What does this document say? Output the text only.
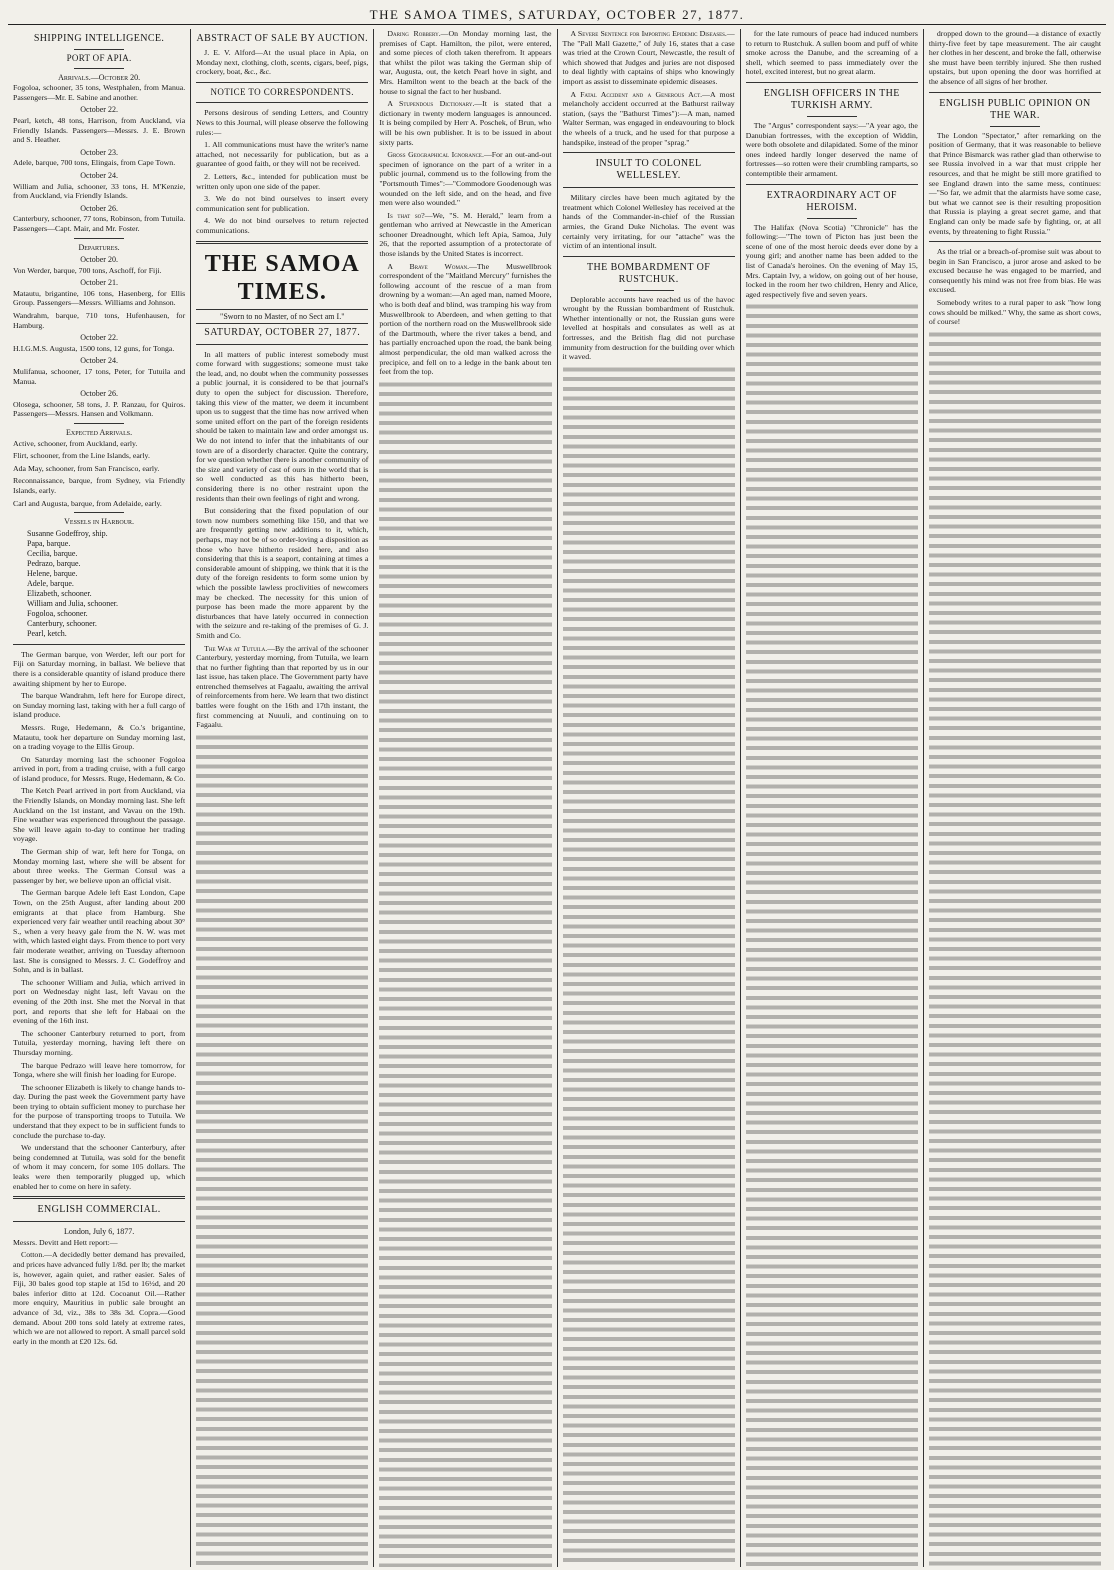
THE SAMOA TIMES, SATURDAY, OCTOBER 27, 1877.
SHIPPING INTELLIGENCE.
PORT OF APIA.
Arrivals.—October 20.
Fogoloa, schooner, 35 tons, Westphalen, from Manua. Passengers—Mr. E. Sabine and another.
October 22.
Pearl, ketch, 48 tons, Harrison, from Auckland, via Friendly Islands. Passengers—Messrs. J. E. Brown and S. Heather.
October 23.
Adele, barque, 700 tons, Elingais, from Cape Town.
October 24.
William and Julia, schooner, 33 tons, H. M'Kenzie, from Auckland, via Friendly Islands.
October 26.
Canterbury, schooner, 77 tons, Robinson, from Tutuila. Passengers—Capt. Mair, and Mr. Foster.
Departures.
October 20.
Von Werder, barque, 700 tons, Aschoff, for Fiji.
October 21.
Matautu, brigantine, 106 tons, Hasenberg, for Ellis Group. Passengers—Messrs. Williams and Johnson.
Wandrahm, barque, 710 tons, Hufenhausen, for Hamburg.
October 22.
H.I.G.M.S. Augusta, 1500 tons, 12 guns, for Tonga.
October 24.
Mulifanua, schooner, 17 tons, Peter, for Tutuila and Manua.
October 26.
Olosega, schooner, 58 tons, J. P. Ranzau, for Quiros. Passengers—Messrs. Hansen and Volkmann.
Expected Arrivals.
Active, schooner, from Auckland, early.
Flirt, schooner, from the Line Islands, early.
Ada May, schooner, from San Francisco, early.
Reconnaissance, barque, from Sydney, via Friendly Islands, early.
Carl and Augusta, barque, from Adelaide, early.
Vessels in Harbour.
Susanne Godeffroy, ship.
Papa, barque.
Cecilia, barque.
Pedrazo, barque.
Helene, barque.
Adele, barque.
Elizabeth, schooner.
William and Julia, schooner.
Fogoloa, schooner.
Canterbury, schooner.
Pearl, ketch.

The German barque, von Werder, left our port for Fiji on Saturday morning, in ballast. We believe that there is a considerable quantity of island produce there awaiting shipment by her to Europe.

The barque Wandrahm, left here for Europe direct, on Sunday morning last, taking with her a full cargo of island produce.

Messrs. Ruge, Hedemann, & Co.'s brigantine, Matautu, took her departure on Sunday morning last, on a trading voyage to the Ellis Group.

On Saturday morning last the schooner Fogoloa arrived in port, from a trading cruise, with a full cargo of island produce, for Messrs. Ruge, Hedemann, & Co.

The Ketch Pearl arrived in port from Auckland, via the Friendly Islands, on Monday morning last. She left Auckland on the 1st instant, and Vavau on the 19th. Fine weather was experienced throughout the passage. She will leave again to-day to continue her trading voyage.

The German ship of war, left here for Tonga, on Monday morning last, where she will be absent for about three weeks. The German Consul was a passenger by her, we believe upon an official visit.

The German barque Adele left East London, Cape Town, on the 25th August, after landing about 200 emigrants at that place from Hamburg. She experienced very fair weather until reaching about 30° S., when a very heavy gale from the N. W. was met with, which lasted eight days. From thence to port very fair moderate weather, arriving on Tuesday afternoon last. She is consigned to Messrs. J. C. Godeffroy and Sohn, and is in ballast.

The schooner William and Julia, which arrived in port on Wednesday night last, left Vavau on the evening of the 20th inst. She met the Norval in that port, and reports that she left for Habaai on the evening of the 16th inst.

The schooner Canterbury returned to port, from Tutuila, yesterday morning, having left there on Thursday morning.

The barque Pedrazo will leave here tomorrow, for Tonga, where she will finish her loading for Europe.

The schooner Elizabeth is likely to change hands to-day. During the past week the Government party have been trying to obtain sufficient money to purchase her for the purpose of transporting troops to Tutuila. We understand that they expect to be in sufficient funds to conclude the purchase to-day.

We understand that the schooner Canterbury, after being condemned at Tutuila, was sold for the benefit of whom it may concern, for some 105 dollars. The leaks were then temporarily plugged up, which enabled her to come on here in safety.

ENGLISH COMMERCIAL.
London, July 6, 1877.
Messrs. Devitt and Hett report:—

Cotton.—A decidedly better demand has prevailed, and prices have advanced fully 1/8d. per lb; the market is, however, again quiet, and rather easier. Sales of Fiji, 30 bales good top staple at 15d to 16½d, and 20 bales inferior ditto at 12d. Cocoanut Oil.—Rather more enquiry, Mauritius in public sale brought an advance of 3d, viz., 38s to 38s 3d. Copra.—Good demand. About 200 tons sold lately at extreme rates, which we are not allowed to report. A small parcel sold early in the month at £20 12s. 6d.

ABSTRACT OF SALE BY AUCTION.

J. E. V. Alford—At the usual place in Apia, on Monday next, clothing, cloth, scents, cigars, beef, pigs, crockery, boat, &c., &c.

NOTICE TO CORRESPONDENTS.

Persons desirous of sending Letters, and Country News to this Journal, will please observe the following rules:—

1. All communications must have the writer's name attached, not necessarily for publication, but as a guarantee of good faith, or they will not be received.

2. Letters, &c., intended for publication must be written only upon one side of the paper.

3. We do not bind ourselves to insert every communication sent for publication.

4. We do not bind ourselves to return rejected communications.

THE SAMOA TIMES.
"Sworn to no Master, of no Sect am I."
SATURDAY, OCTOBER 27, 1877.

In all matters of public interest somebody must come forward with suggestions; someone must take the lead, and, no doubt when the community possesses a public journal, it is considered to be that journal's duty to open the subject for discussion. Therefore, taking this view of the matter, we deem it incumbent upon us to suggest that the time has now arrived when some united effort on the part of the foreign residents should be taken to maintain law and order amongst us. We do not intend to infer that the inhabitants of our town are of a disorderly character. Quite the contrary, for we question whether there is another community of the size and variety of cast of ours in the world that is so well conducted as this has hitherto been, considering there is no other restraint upon the residents than their own feelings of right and wrong.

But considering that the fixed population of our town now numbers something like 150, and that we are frequently getting new additions to it, which, perhaps, may not be of so order-loving a disposition as those who have hitherto resided here, and also considering that this is a seaport, containing at times a considerable amount of shipping, we think that it is the duty of the foreign residents to form some union by which the possible lawless proclivities of newcomers may be checked. The necessity for this union of purpose has been made the more apparent by the disturbances that have lately occurred in connection with the seizure and re-taking of the premises of G. J. Smith and Co.

The War at Tutuila.—By the arrival of the schooner Canterbury, yesterday morning, from Tutuila, we learn that no further fighting than that reported by us in our last issue, has taken place. The Government party have entrenched themselves at Fagaalu, awaiting the arrival of reinforcements from here. We learn that two distinct battles were fought on the 16th and 17th instant, the first commencing at Nuuuli, and continuing on to Fagaalu.

Daring Robbery.—On Monday morning last, the premises of Capt. Hamilton, the pilot, were entered, and some pieces of cloth taken therefrom. It appears that whilst the pilot was taking the German ship of war, Augusta, out, the ketch Pearl hove in sight, and Mrs. Hamilton went to the beach at the back of the house to signal the fact to her husband.

A Stupendous Dictionary.—It is stated that a dictionary in twenty modern languages is announced. It is being compiled by Herr A. Poschek, of Brun, who will be his own publisher. It is to be issued in about sixty parts.

Gross Geographical Ignorance.—For an out-and-out specimen of ignorance on the part of a writer in a public journal, commend us to the following from the "Portsmouth Times":—"Commodore Goodenough was wounded on the left side, and on the head, and five men were also wounded."

Is that so?—We, "S. M. Herald," learn from a gentleman who arrived at Newcastle in the American schooner Dreadnought, which left Apia, Samoa, July 26, that the reported assumption of a protectorate of those islands by the United States is incorrect.

A Brave Woman.—The Muswellbrook correspondent of the "Maitland Mercury" furnishes the following account of the rescue of a man from drowning by a woman:—An aged man, named Moore, who is both deaf and blind, was tramping his way from Muswellbrook to Aberdeen, and when getting to that portion of the northern road on the Muswellbrook side of the Dartmouth, where the river takes a bend, and has partially encroached upon the road, the bank being almost perpendicular, the old man walked across the precipice, and fell on to a ledge in the bank about ten feet from the top.

A Severe Sentence for Importing Epidemic Diseases.—The "Pall Mall Gazette," of July 16, states that a case was tried at the Crown Court, Newcastle, the result of which showed that Judges and juries are not disposed to deal lightly with captains of ships who knowingly import as assist to disseminate epidemic diseases.

A Fatal Accident and a Generous Act.—A most melancholy accident occurred at the Bathurst railway station, (says the "Bathurst Times"):—A man, named Walter Serman, was engaged in endeavouring to block the wheels of a truck, and he used for that purpose a handspike, instead of the proper "sprag."

INSULT TO COLONEL WELLESLEY.

Military circles have been much agitated by the treatment which Colonel Wellesley has received at the hands of the Commander-in-chief of the Russian armies, the Grand Duke Nicholas. The event was certainly very irritating, for our "attache" was the victim of an intentional insult.

THE BOMBARDMENT OF RUSTCHUK.

Deplorable accounts have reached us of the havoc wrought by the Russian bombardment of Rustchuk. Whether intentionally or not, the Russian guns were levelled at hospitals and consulates as well as at fortresses, and the British flag did not purchase immunity from destruction for the building over which it waved.

for the late rumours of peace had induced numbers to return to Rustchuk. A sullen boom and puff of white smoke across the Danube, and the screaming of a shell, which seemed to pass immediately over the hotel, excited interest, but no great alarm.

ENGLISH OFFICERS IN THE TURKISH ARMY.

The "Argus" correspondent says:—"A year ago, the Danubian fortresses, with the exception of Widdin, were both obsolete and dilapidated. Some of the minor ones indeed hardly longer deserved the name of fortresses—so rotten were their crumbling ramparts, so contemptible their armament.

EXTRAORDINARY ACT OF HEROISM.

The Halifax (Nova Scotia) "Chronicle" has the following:—"The town of Picton has just been the scene of one of the most heroic deeds ever done by a young girl; and another name has been added to the list of Canada's heroines. On the evening of May 15, Mrs. Captain Ivy, a widow, on going out of her house, locked in the room her two children, Henry and Alice, aged respectively five and seven years.

dropped down to the ground—a distance of exactly thirty-five feet by tape measurement. The air caught her clothes in her descent, and broke the fall, otherwise she must have been terribly injured. She then rushed upstairs, but upon opening the door was horrified at the absence of all signs of her brother.

ENGLISH PUBLIC OPINION ON THE WAR.

The London "Spectator," after remarking on the position of Germany, that it was reasonable to believe that Prince Bismarck was rather glad than otherwise to see Russia involved in a war that must cripple her resources, and that he might be still more gratified to see England drawn into the same mess, continues:—"So far, we admit that the alarmists have some case, but what we cannot see is their resulting proposition that Russia is playing a great secret game, and that England can only be made safe by fighting, or, at all events, by threatening to fight Russia."

As the trial or a breach-of-promise suit was about to begin in San Francisco, a juror arose and asked to be excused because he was engaged to be married, and consequently his mind was not free from bias. He was excused.

Somebody writes to a rural paper to ask "how long cows should be milked." Why, the same as short cows, of course!
